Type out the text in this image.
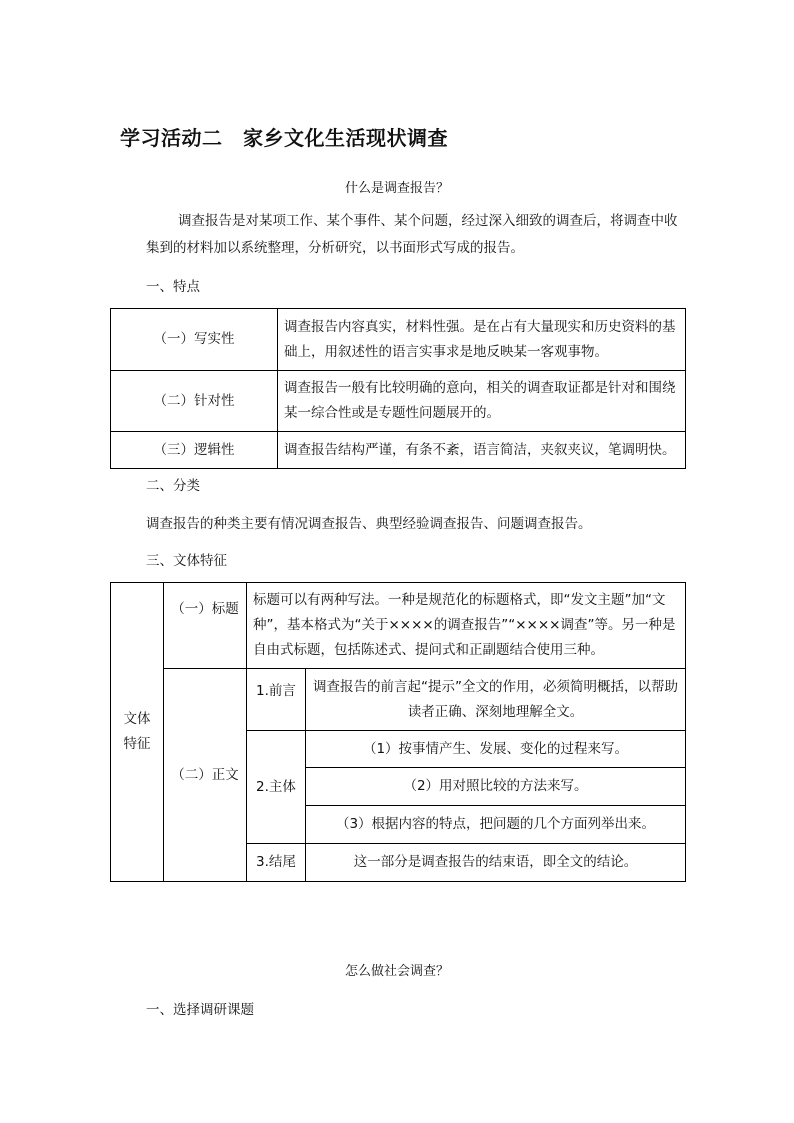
学习活动二　家乡文化生活现状调查
什么是调查报告？
调查报告是对某项工作、某个事件、某个问题，经过深入细致的调查后，将调查中收集到的材料加以系统整理，分析研究，以书面形式写成的报告。
一、特点
（一）写实性	调查报告内容真实，材料性强。是在占有大量现实和历史资料的基础上，用叙述性的语言实事求是地反映某一客观事物。
（二）针对性	调查报告一般有比较明确的意向，相关的调查取证都是针对和围绕某一综合性或是专题性问题展开的。
（三）逻辑性	调查报告结构严谨，有条不紊，语言简洁，夹叙夹议，笔调明快。
二、分类
调查报告的种类主要有情况调查报告、典型经验调查报告、问题调查报告。
三、文体特征
文体特征	（一）标题	标题可以有两种写法。一种是规范化的标题格式，即“发文主题”加“文种”，基本格式为“关于××××的调查报告”“××××调查”等。另一种是自由式标题，包括陈述式、提问式和正副题结合使用三种。	
	（二）正文	1.前言	调查报告的前言起“提示”全文的作用，必须简明概括，以帮助读者正确、深刻地理解全文。
		2.主体	（1）按事情产生、发展、变化的过程来写。
			（2）用对照比较的方法来写。
			（3）根据内容的特点，把问题的几个方面列举出来。
		3.结尾	这一部分是调查报告的结束语，即全文的结论。
怎么做社会调查？
一、选择调研课题
